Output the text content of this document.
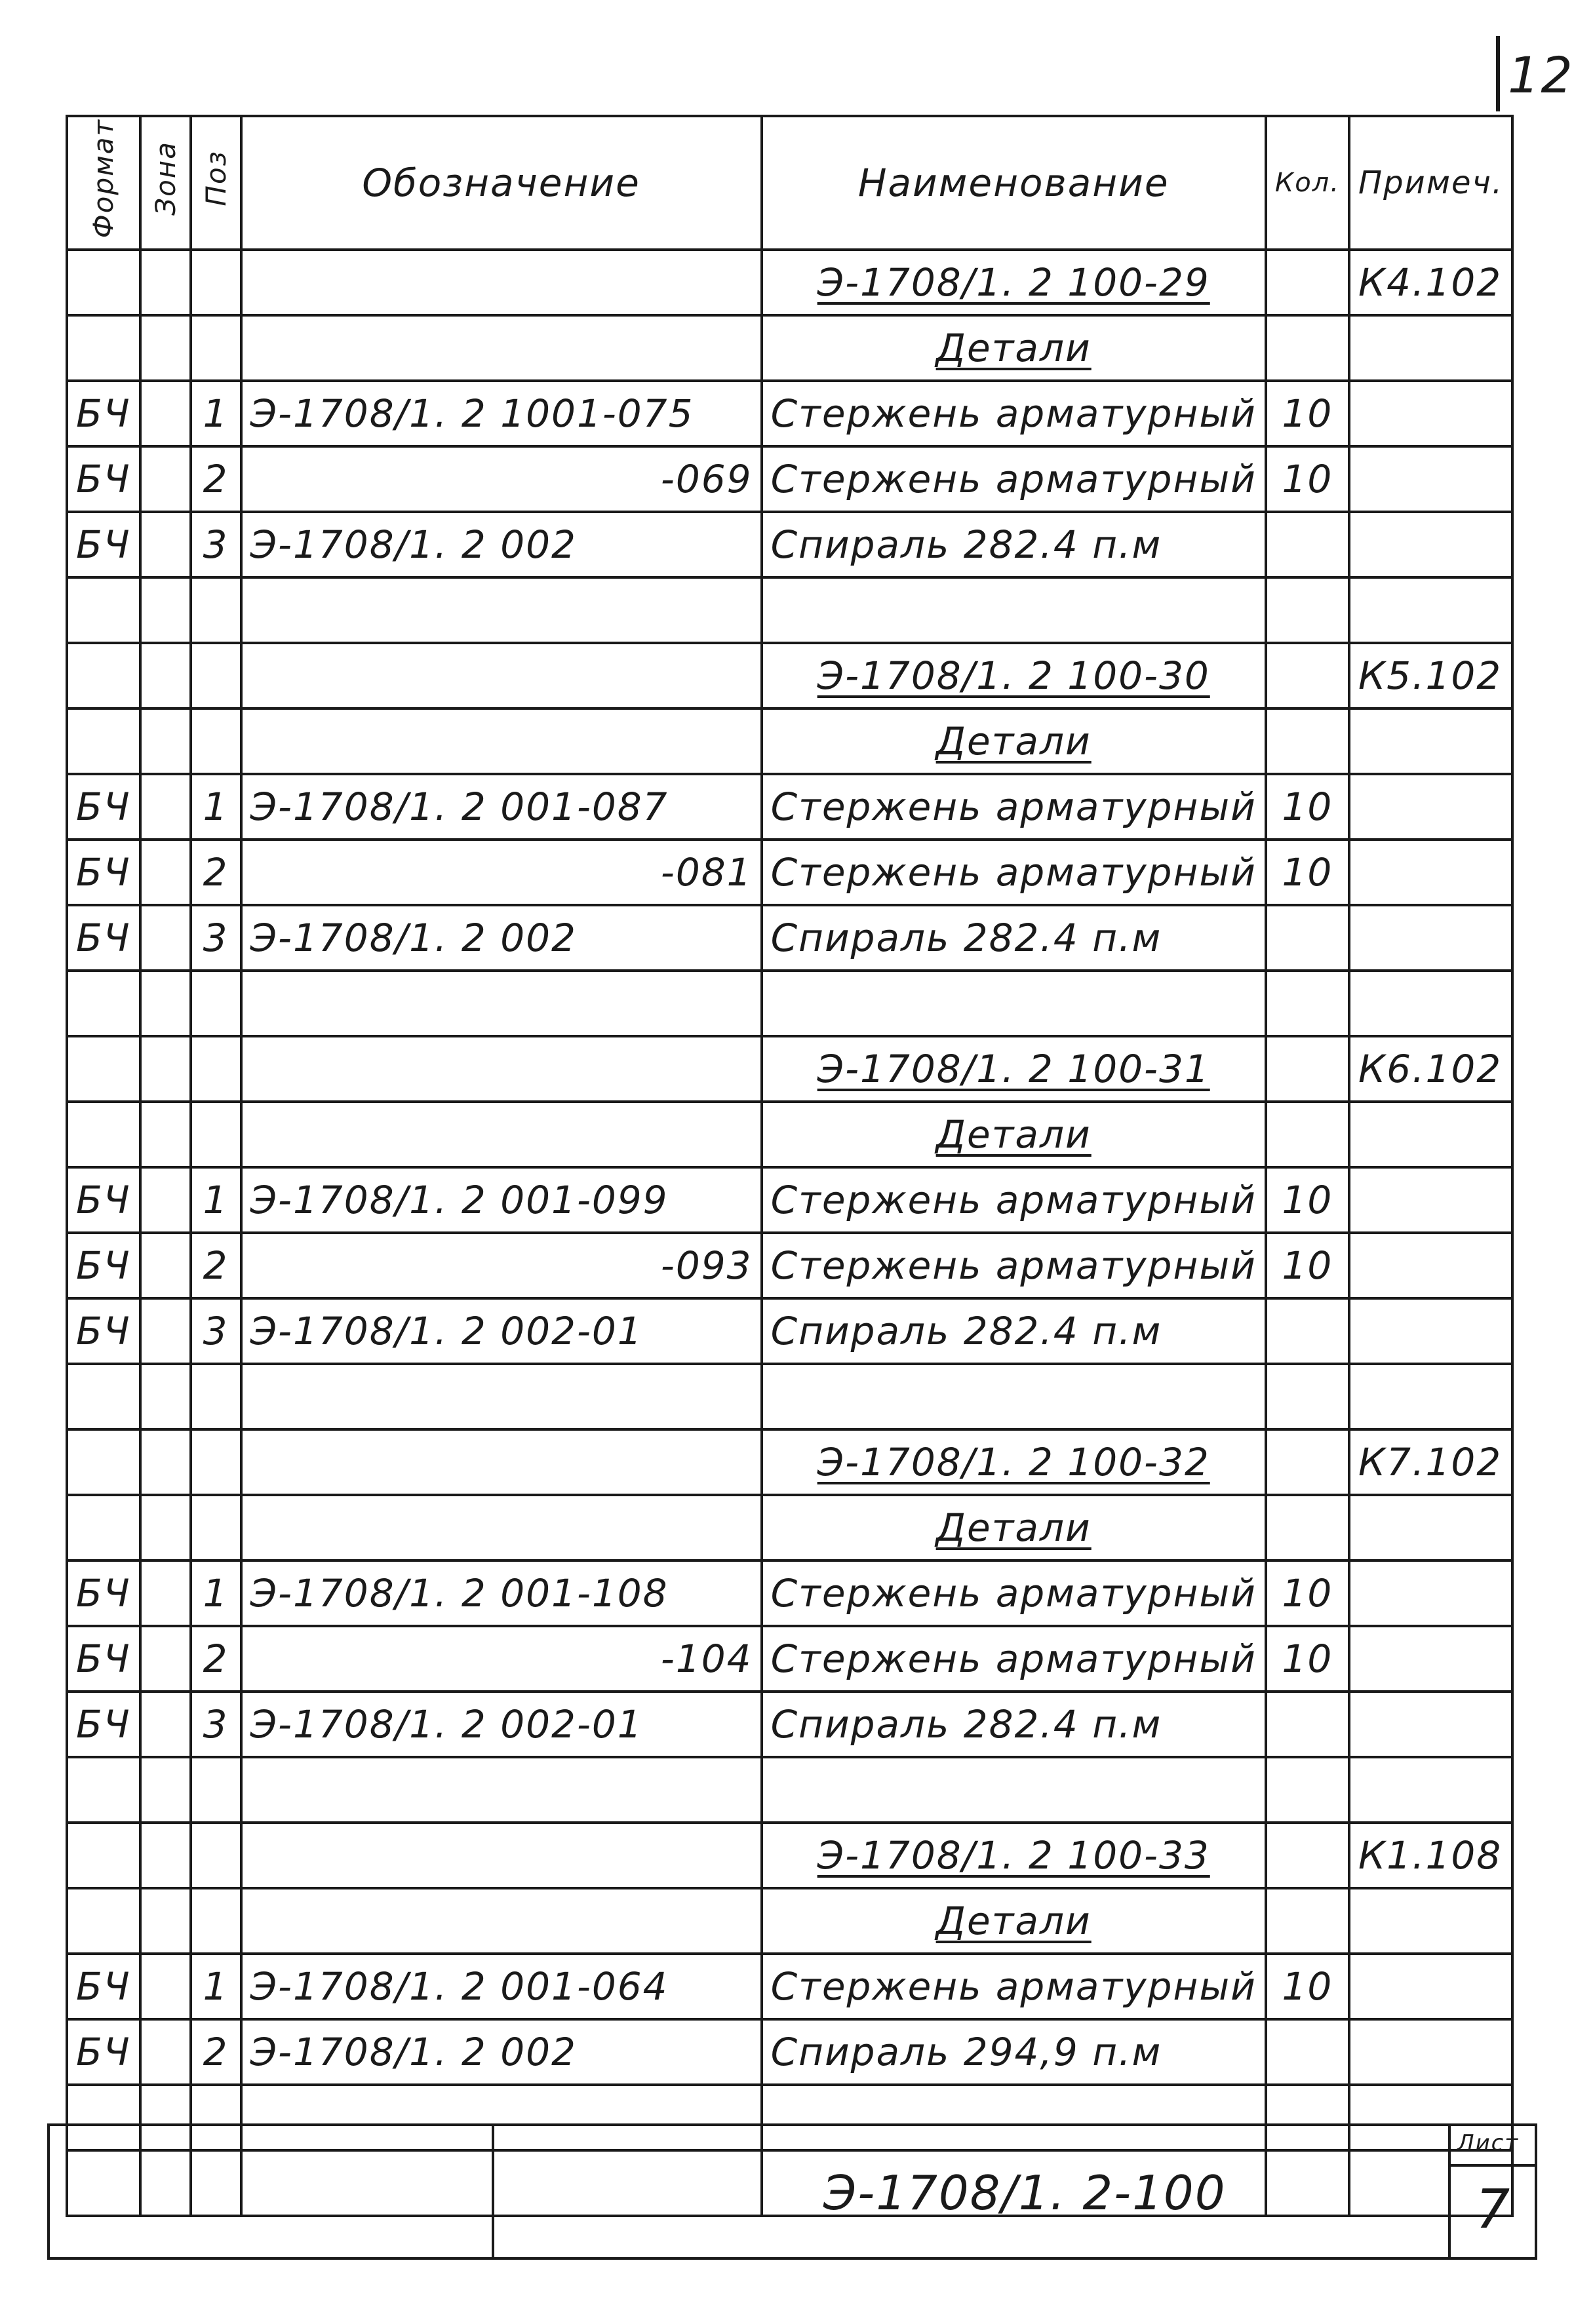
12
Формат	Зона	Поз	Обозначение	Наименование	Кол.	Примеч.
				Э-1708/1. 2 100-29		К4.102
				Детали		
БЧ		1	Э-1708/1. 2 1001-075	Стержень арматурный	10	
БЧ		2	-069	Стержень арматурный	10	
БЧ		3	Э-1708/1. 2 002	Спираль 282.4 п.м		

				Э-1708/1. 2 100-30		К5.102
				Детали		
БЧ		1	Э-1708/1. 2 001-087	Стержень арматурный	10	
БЧ		2	-081	Стержень арматурный	10	
БЧ		3	Э-1708/1. 2 002	Спираль 282.4 п.м		

				Э-1708/1. 2 100-31		К6.102
				Детали		
БЧ		1	Э-1708/1. 2 001-099	Стержень арматурный	10	
БЧ		2	-093	Стержень арматурный	10	
БЧ		3	Э-1708/1. 2 002-01	Спираль 282.4 п.м		

				Э-1708/1. 2 100-32		К7.102
				Детали		
БЧ		1	Э-1708/1. 2 001-108	Стержень арматурный	10	
БЧ		2	-104	Стержень арматурный	10	
БЧ		3	Э-1708/1. 2 002-01	Спираль 282.4 п.м		

				Э-1708/1. 2 100-33		К1.108
				Детали		
БЧ		1	Э-1708/1. 2 001-064	Стержень арматурный	10	
БЧ		2	Э-1708/1. 2 002	Спираль 294,9 п.м		

Э-1708/1. 2-100
Лист
7
